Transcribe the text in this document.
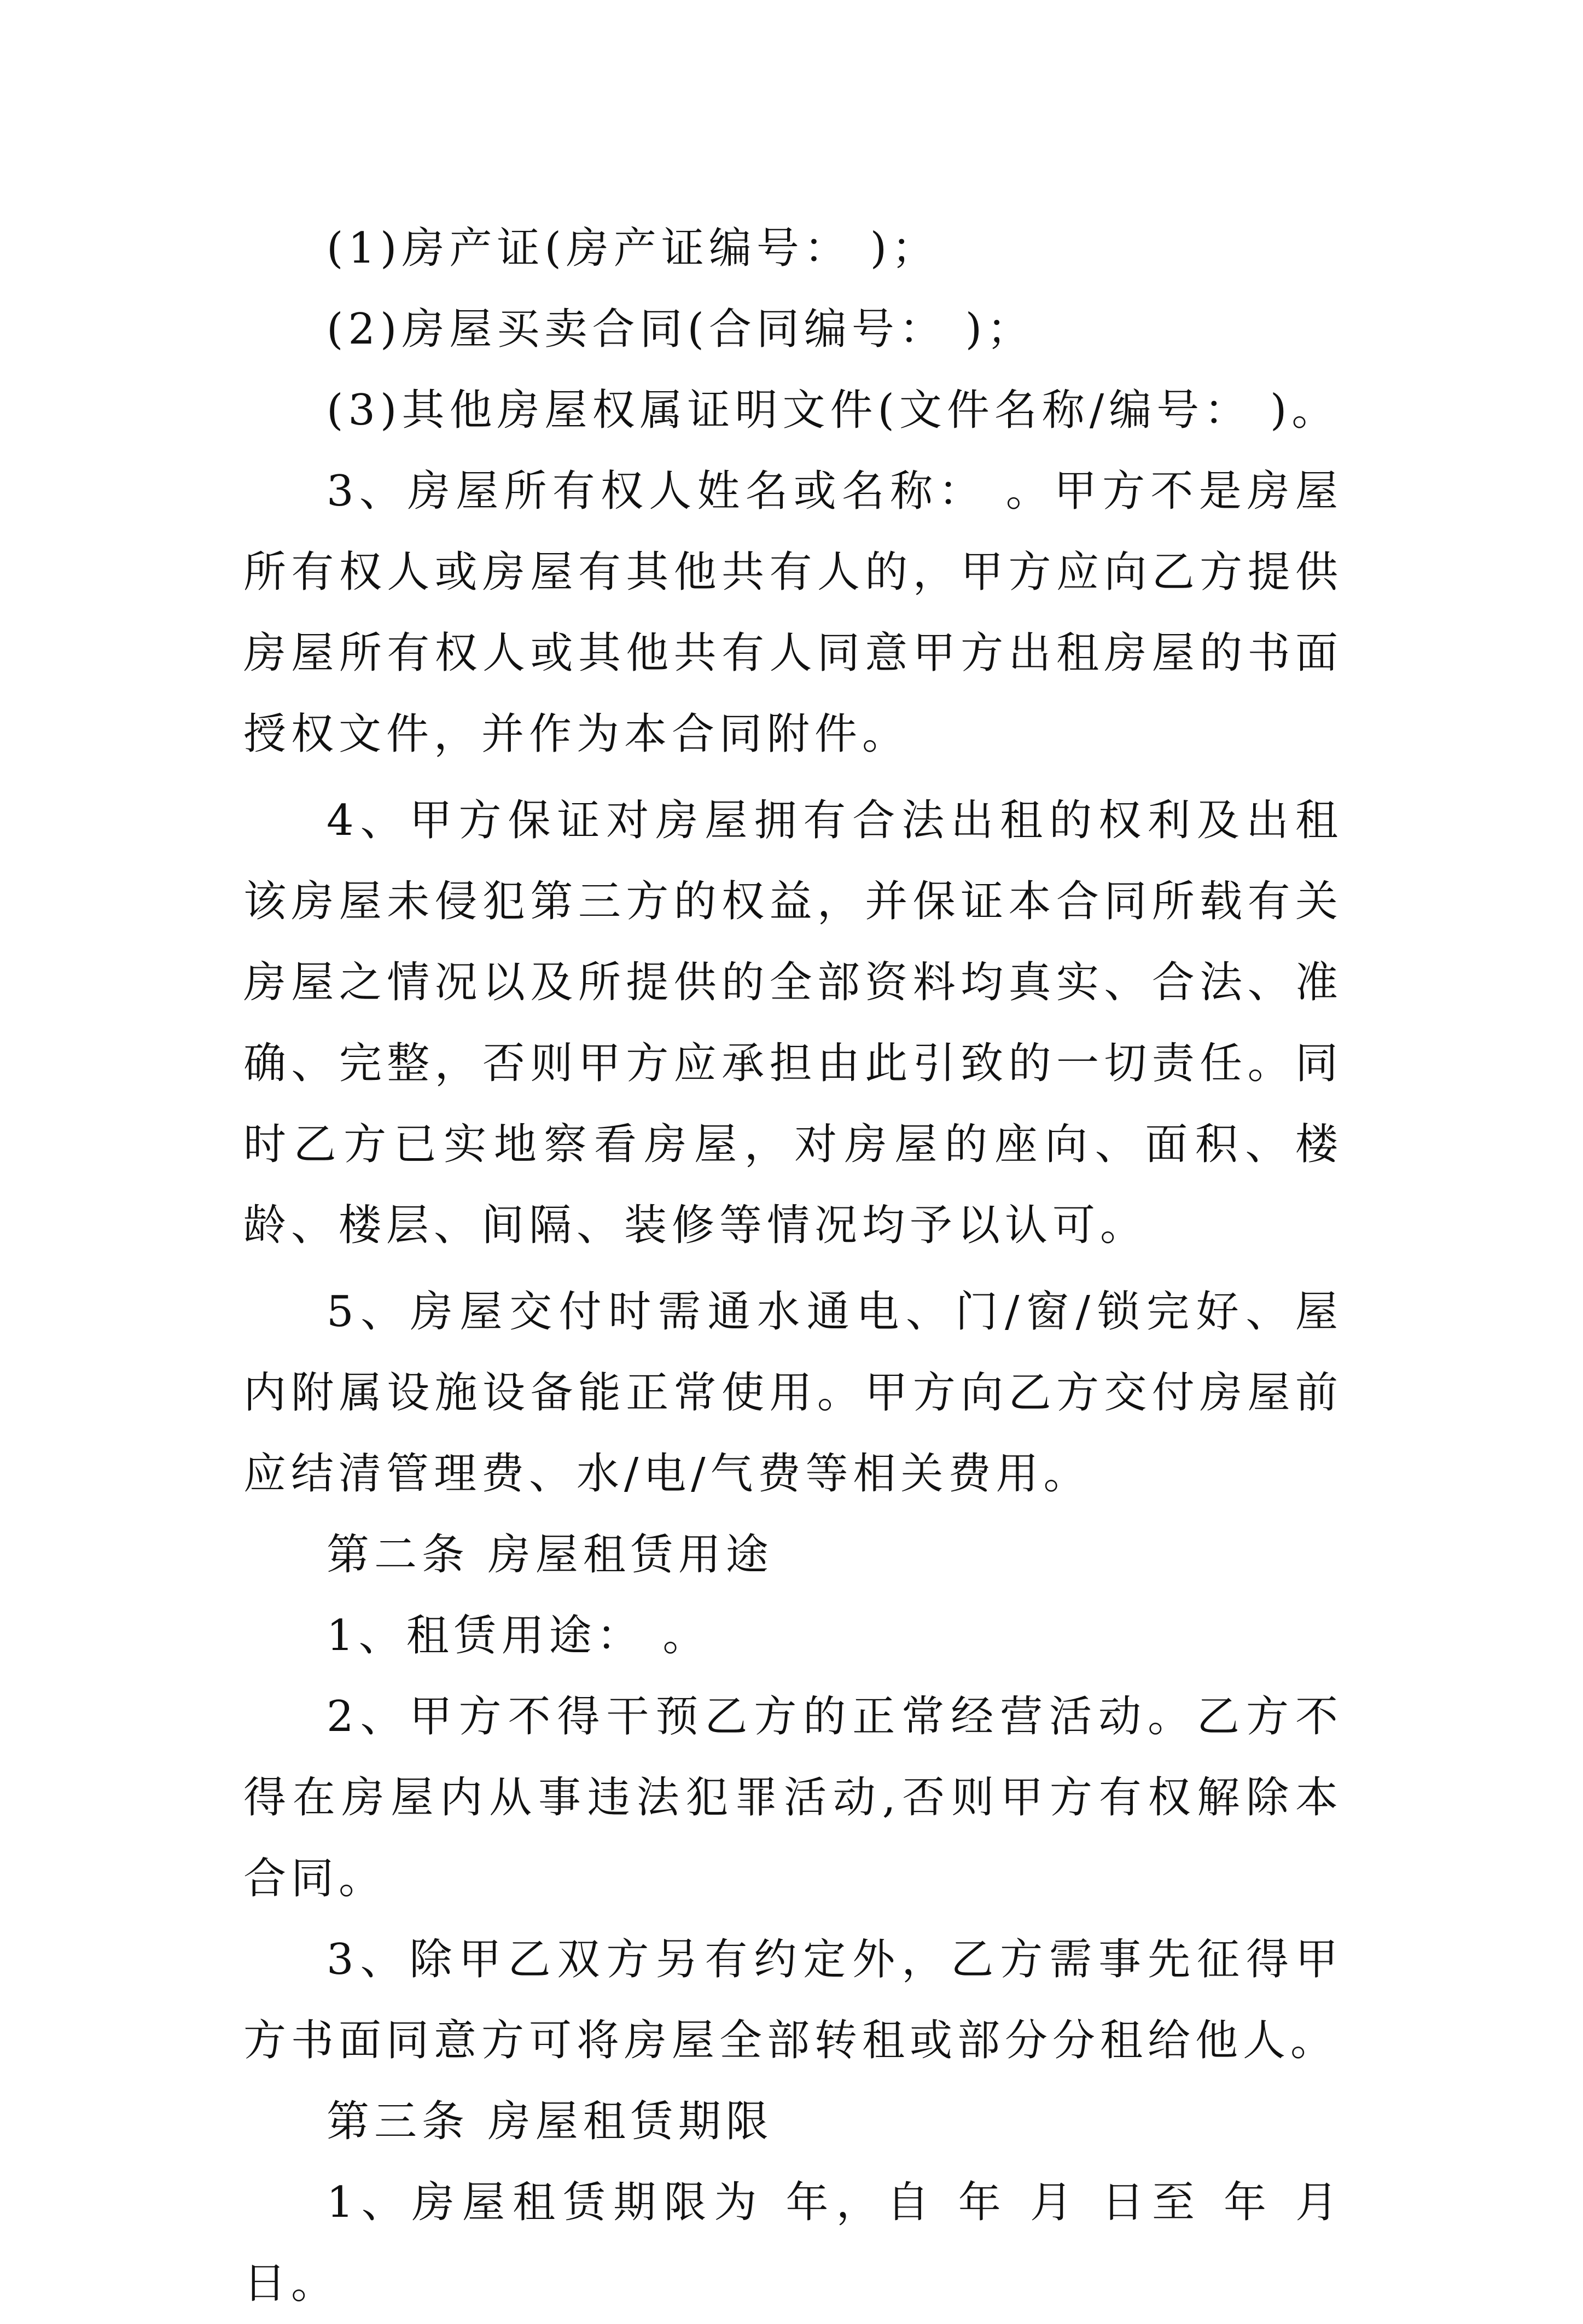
(1)房产证(房产证编号： )；

(2)房屋买卖合同(合同编号： )；

(3)其他房屋权属证明文件(文件名称/编号： )。

3、房屋所有权人姓名或名称： 。甲方不是房屋所有权人或房屋有其他共有人的，甲方应向乙方提供房屋所有权人或其他共有人同意甲方出租房屋的书面授权文件，并作为本合同附件。

4、甲方保证对房屋拥有合法出租的权利及出租该房屋未侵犯第三方的权益，并保证本合同所载有关房屋之情况以及所提供的全部资料均真实、合法、准确、完整，否则甲方应承担由此引致的一切责任。同时乙方已实地察看房屋，对房屋的座向、面积、楼龄、楼层、间隔、装修等情况均予以认可。

5、房屋交付时需通水通电、门/窗/锁完好、屋内附属设施设备能正常使用。甲方向乙方交付房屋前应结清管理费、水/电/气费等相关费用。

第二条 房屋租赁用途

1、租赁用途： 。

2、甲方不得干预乙方的正常经营活动。乙方不得在房屋内从事违法犯罪活动,否则甲方有权解除本合同。

3、除甲乙双方另有约定外，乙方需事先征得甲方书面同意方可将房屋全部转租或部分分租给他人。

第三条 房屋租赁期限

1、房屋租赁期限为 年，自 年 月 日至 年 月 日。
